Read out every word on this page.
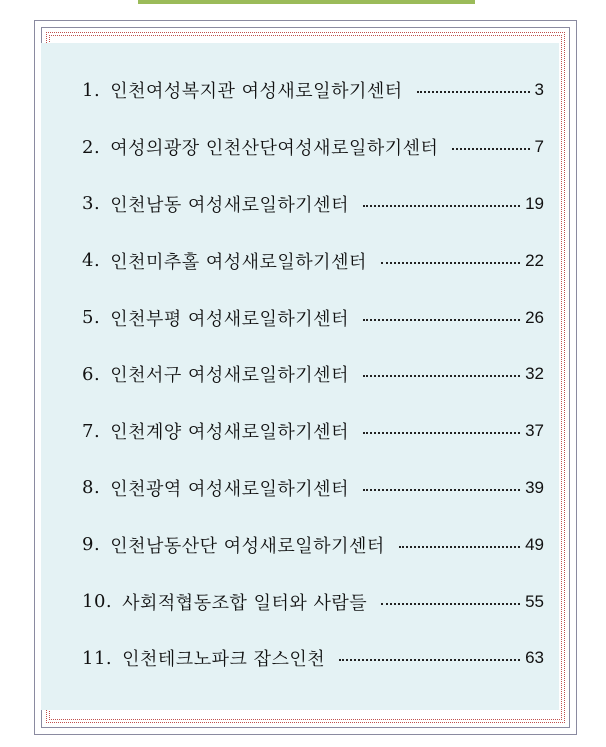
1. 인천여성복지관 여성새로일하기센터	3
2. 여성의광장 인천산단여성새로일하기센터	7
3. 인천남동 여성새로일하기센터	19
4. 인천미추홀 여성새로일하기센터	22
5. 인천부평 여성새로일하기센터	26
6. 인천서구 여성새로일하기센터	32
7. 인천계양 여성새로일하기센터	37
8. 인천광역 여성새로일하기센터	39
9. 인천남동산단 여성새로일하기센터	49
10. 사회적협동조합 일터와 사람들	55
11. 인천테크노파크 잡스인천	63
